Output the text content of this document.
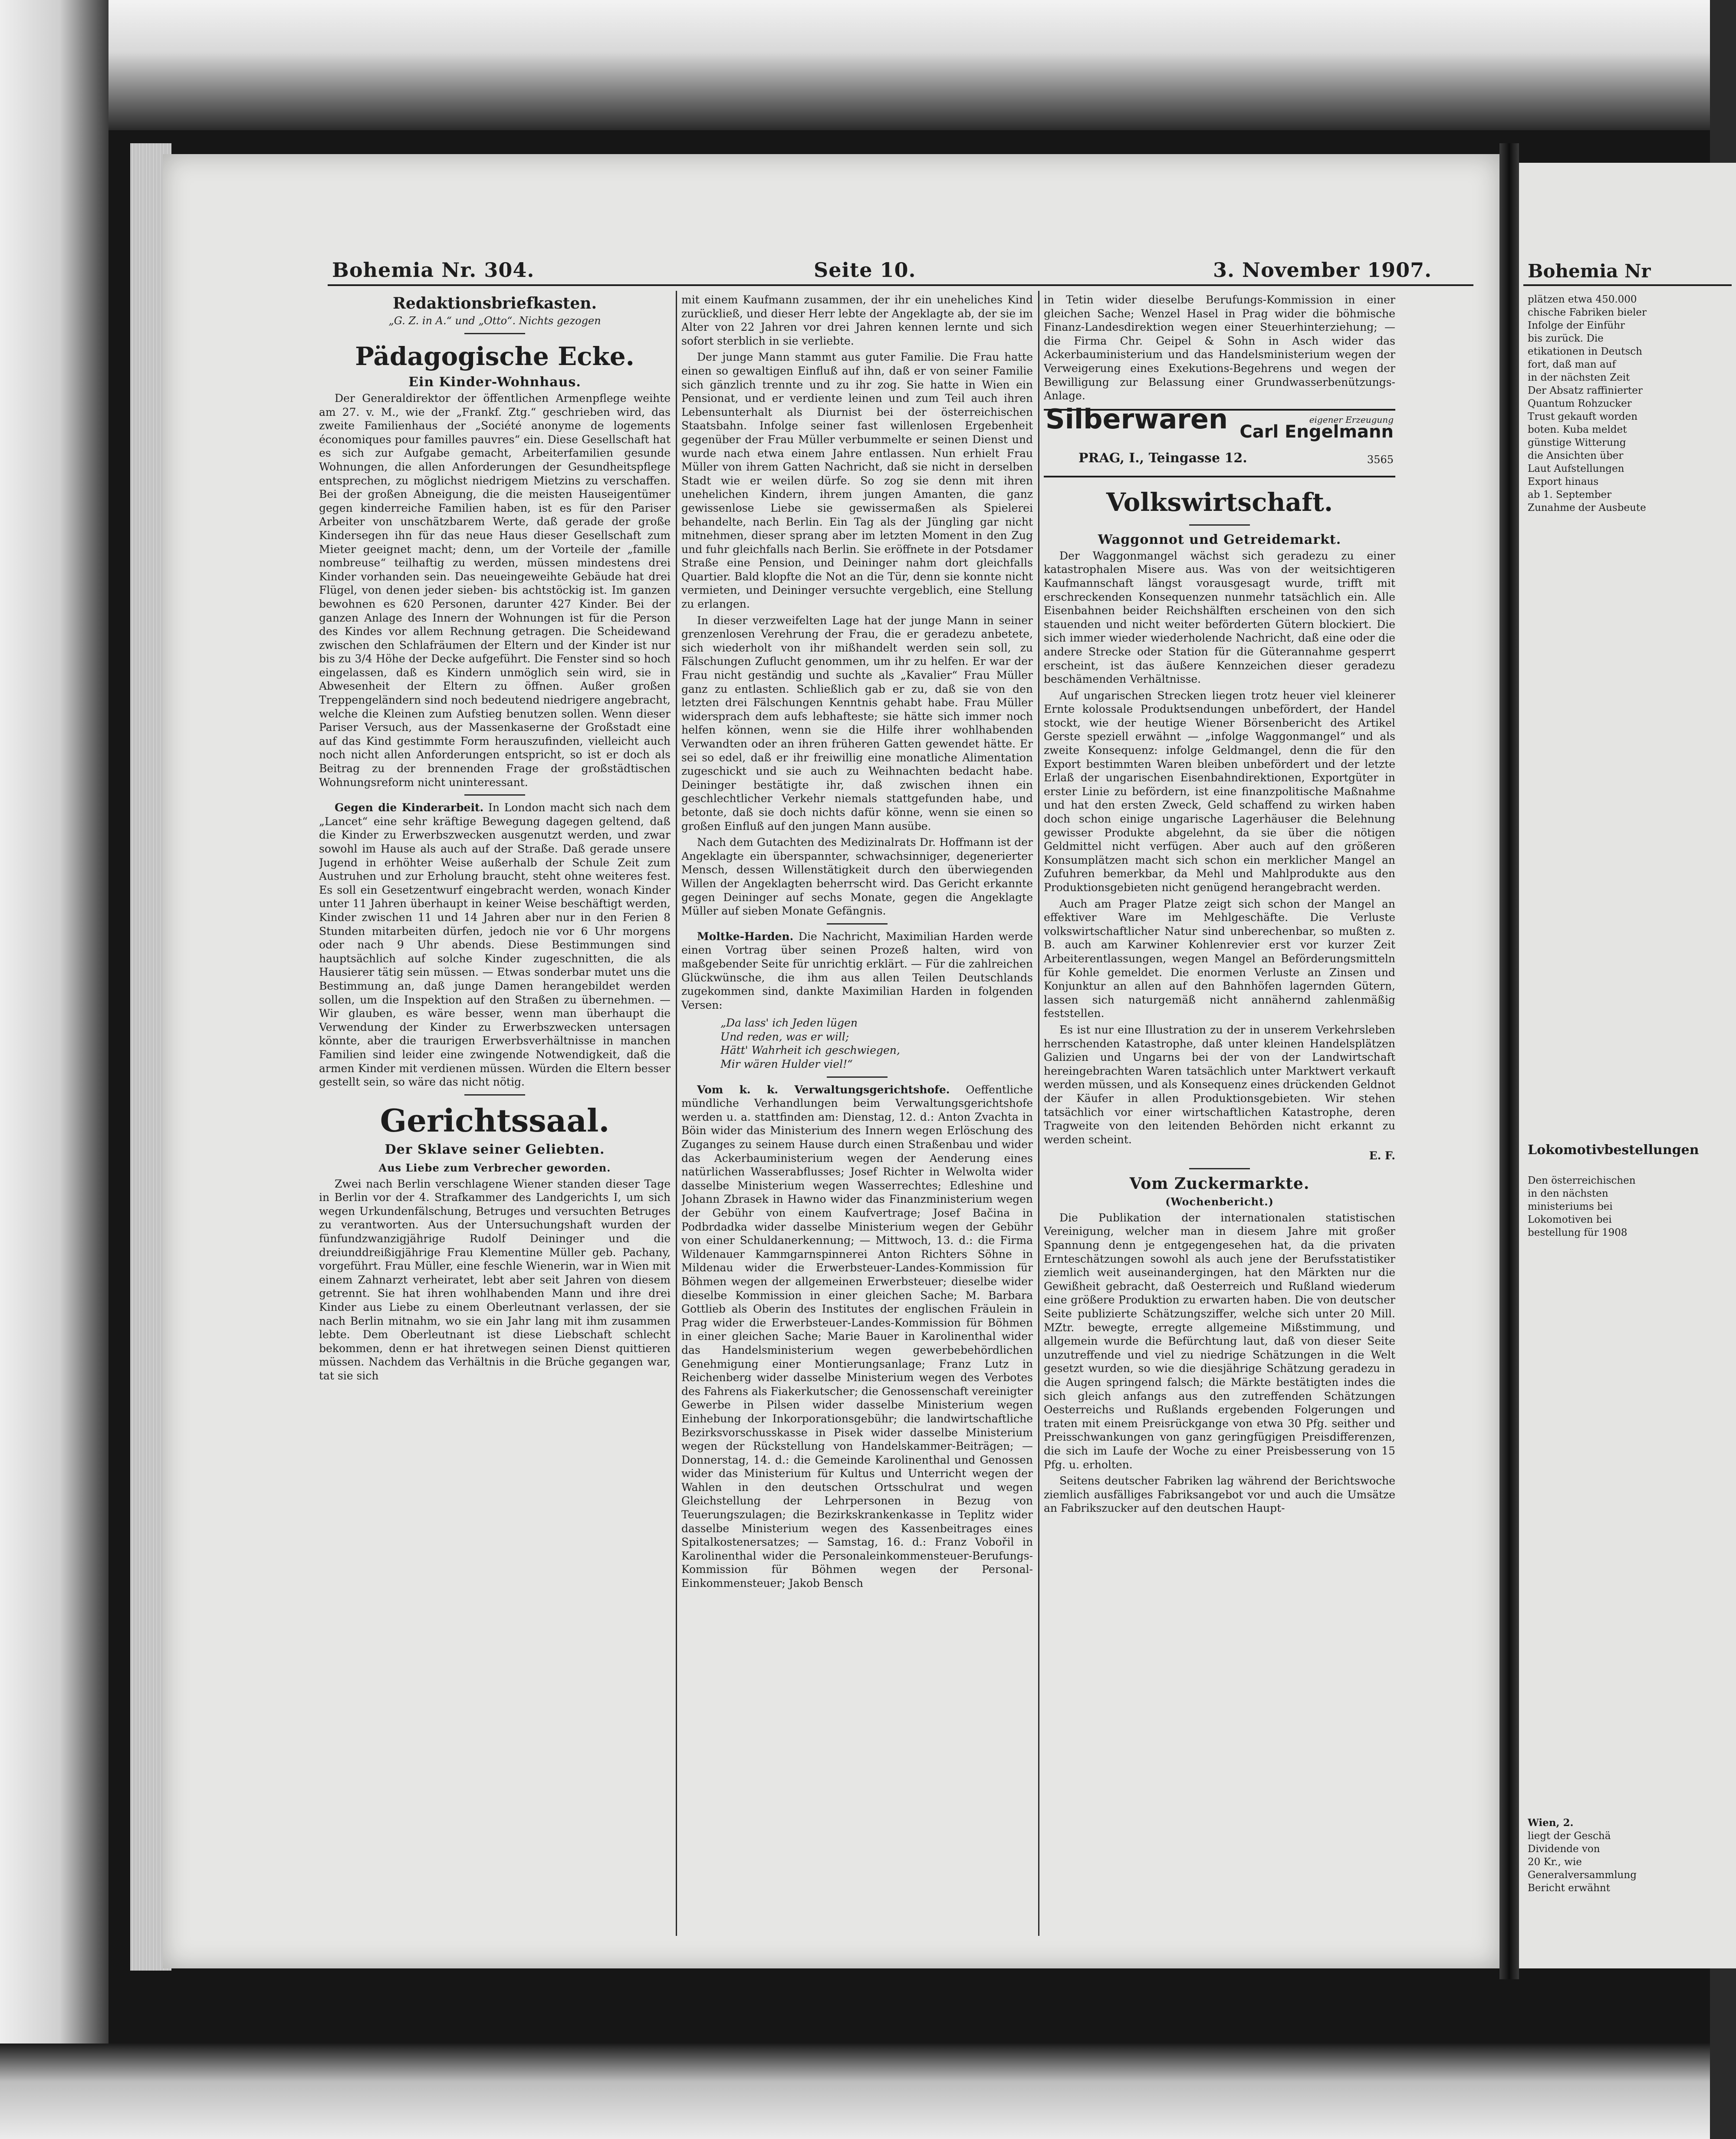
Bohemia Nr. 304.	Seite 10.	3. November 1907.
Redaktionsbriefkasten.
„G. Z. in A.“ und „Otto“. Nichts gezogen
Pädagogische Ecke.
Ein Kinder-Wohnhaus.

Der Generaldirektor der öffentlichen Armenpflege weihte am 27. v. M., wie der „Frankf. Ztg.“ geschrieben wird, das zweite Familienhaus der „Société anonyme de logements économiques pour familles pauvres“ ein. Diese Gesellschaft hat es sich zur Aufgabe gemacht, Arbeiterfamilien gesunde Wohnungen, die allen Anforderungen der Gesundheitspflege entsprechen, zu möglichst niedrigem Mietzins zu verschaffen. Bei der großen Abneigung, die die meisten Hauseigentümer gegen kinderreiche Familien haben, ist es für den Pariser Arbeiter von unschätzbarem Werte, daß gerade der große Kindersegen ihn für das neue Haus dieser Gesellschaft zum Mieter geeignet macht; denn, um der Vorteile der „famille nombreuse“ teilhaftig zu werden, müssen mindestens drei Kinder vorhanden sein. Das neueingeweihte Gebäude hat drei Flügel, von denen jeder sieben- bis achtstöckig ist. Im ganzen bewohnen es 620 Personen, darunter 427 Kinder. Bei der ganzen Anlage des Innern der Wohnungen ist für die Person des Kindes vor allem Rechnung getragen. Die Scheidewand zwischen den Schlafräumen der Eltern und der Kinder ist nur bis zu 3/4 Höhe der Decke aufgeführt. Die Fenster sind so hoch eingelassen, daß es Kindern unmöglich sein wird, sie in Abwesenheit der Eltern zu öffnen. Außer großen Treppengeländern sind noch bedeutend niedrigere angebracht, welche die Kleinen zum Aufstieg benutzen sollen. Wenn dieser Pariser Versuch, aus der Massenkaserne der Großstadt eine auf das Kind gestimmte Form herauszufinden, vielleicht auch noch nicht allen Anforderungen entspricht, so ist er doch als Beitrag zu der brennenden Frage der großstädtischen Wohnungsreform nicht uninteressant.

Gegen die Kinderarbeit. In London macht sich nach dem „Lancet“ eine sehr kräftige Bewegung dagegen geltend, daß die Kinder zu Erwerbszwecken ausgenutzt werden, und zwar sowohl im Hause als auch auf der Straße. Daß gerade unsere Jugend in erhöhter Weise außerhalb der Schule Zeit zum Austruhen und zur Erholung braucht, steht ohne weiteres fest. Es soll ein Gesetzentwurf eingebracht werden, wonach Kinder unter 11 Jahren überhaupt in keiner Weise beschäftigt werden, Kinder zwischen 11 und 14 Jahren aber nur in den Ferien 8 Stunden mitarbeiten dürfen, jedoch nie vor 6 Uhr morgens oder nach 9 Uhr abends. Diese Bestimmungen sind hauptsächlich auf solche Kinder zugeschnitten, die als Hausierer tätig sein müssen. — Etwas sonderbar mutet uns die Bestimmung an, daß junge Damen herangebildet werden sollen, um die Inspektion auf den Straßen zu übernehmen. — Wir glauben, es wäre besser, wenn man überhaupt die Verwendung der Kinder zu Erwerbszwecken untersagen könnte, aber die traurigen Erwerbsverhältnisse in manchen Familien sind leider eine zwingende Notwendigkeit, daß die armen Kinder mit verdienen müssen. Würden die Eltern besser gestellt sein, so wäre das nicht nötig.

Gerichtssaal.
Der Sklave seiner Geliebten.
Aus Liebe zum Verbrecher geworden.

Zwei nach Berlin verschlagene Wiener standen dieser Tage in Berlin vor der 4. Strafkammer des Landgerichts I, um sich wegen Urkundenfälschung, Betruges und versuchten Betruges zu verantworten. Aus der Untersuchungshaft wurden der fünfundzwanzigjährige Rudolf Deininger und die dreiunddreißigjährige Frau Klementine Müller geb. Pachany, vorgeführt. Frau Müller, eine feschle Wienerin, war in Wien mit einem Zahnarzt verheiratet, lebt aber seit Jahren von diesem getrennt. Sie hat ihren wohlhabenden Mann und ihre drei Kinder aus Liebe zu einem Oberleutnant verlassen, der sie nach Berlin mitnahm, wo sie ein Jahr lang mit ihm zusammen lebte. Dem Oberleutnant ist diese Liebschaft schlecht bekommen, denn er hat ihretwegen seinen Dienst quittieren müssen. Nachdem das Verhältnis in die Brüche gegangen war, tat sie sich

mit einem Kaufmann zusammen, der ihr ein uneheliches Kind zurückließ, und dieser Herr lebte der Angeklagte ab, der sie im Alter von 22 Jahren vor drei Jahren kennen lernte und sich sofort sterblich in sie verliebte.

Der junge Mann stammt aus guter Familie. Die Frau hatte einen so gewaltigen Einfluß auf ihn, daß er von seiner Familie sich gänzlich trennte und zu ihr zog. Sie hatte in Wien ein Pensionat, und er verdiente leinen und zum Teil auch ihren Lebensunterhalt als Diurnist bei der österreichischen Staatsbahn. Infolge seiner fast willenlosen Ergebenheit gegenüber der Frau Müller verbummelte er seinen Dienst und wurde nach etwa einem Jahre entlassen. Nun erhielt Frau Müller von ihrem Gatten Nachricht, daß sie nicht in derselben Stadt wie er weilen dürfe. So zog sie denn mit ihren unehelichen Kindern, ihrem jungen Amanten, die ganz gewissenlose Liebe sie gewissermaßen als Spielerei behandelte, nach Berlin. Ein Tag als der Jüngling gar nicht mitnehmen, dieser sprang aber im letzten Moment in den Zug und fuhr gleichfalls nach Berlin. Sie eröffnete in der Potsdamer Straße eine Pension, und Deininger nahm dort gleichfalls Quartier. Bald klopfte die Not an die Tür, denn sie konnte nicht vermieten, und Deininger versuchte vergeblich, eine Stellung zu erlangen.

In dieser verzweifelten Lage hat der junge Mann in seiner grenzenlosen Verehrung der Frau, die er geradezu anbetete, sich wiederholt von ihr mißhandelt werden sein soll, zu Fälschungen Zuflucht genommen, um ihr zu helfen. Er war der Frau nicht geständig und suchte als „Kavalier“ Frau Müller ganz zu entlasten. Schließlich gab er zu, daß sie von den letzten drei Fälschungen Kenntnis gehabt habe. Frau Müller widersprach dem aufs lebhafteste; sie hätte sich immer noch helfen können, wenn sie die Hilfe ihrer wohlhabenden Verwandten oder an ihren früheren Gatten gewendet hätte. Er sei so edel, daß er ihr freiwillig eine monatliche Alimentation zugeschickt und sie auch zu Weihnachten bedacht habe. Deininger bestätigte ihr, daß zwischen ihnen ein geschlechtlicher Verkehr niemals stattgefunden habe, und betonte, daß sie doch nichts dafür könne, wenn sie einen so großen Einfluß auf den jungen Mann ausübe.

Nach dem Gutachten des Medizinalrats Dr. Hoffmann ist der Angeklagte ein überspannter, schwachsinniger, degenerierter Mensch, dessen Willenstätigkeit durch den überwiegenden Willen der Angeklagten beherrscht wird. Das Gericht erkannte gegen Deininger auf sechs Monate, gegen die Angeklagte Müller auf sieben Monate Gefängnis.

Moltke-Harden. Die Nachricht, Maximilian Harden werde einen Vortrag über seinen Prozeß halten, wird von maßgebender Seite für unrichtig erklärt. — Für die zahlreichen Glückwünsche, die ihm aus allen Teilen Deutschlands zugekommen sind, dankte Maximilian Harden in folgenden Versen:

„Da lass' ich Jeden lügen
Und reden, was er will;
Hätt' Wahrheit ich geschwiegen,
Mir wären Hulder viel!“

Vom k. k. Verwaltungsgerichtshofe. Oeffentliche mündliche Verhandlungen beim Verwaltungsgerichtshofe werden u. a. stattfinden am: Dienstag, 12. d.: Anton Zvachta in Böin wider das Ministerium des Innern wegen Erlöschung des Zuganges zu seinem Hause durch einen Straßenbau und wider das Ackerbauministerium wegen der Aenderung eines natürlichen Wasserabflusses; Josef Richter in Welwolta wider dasselbe Ministerium wegen Wasserrechtes; Edleshine und Johann Zbrasek in Hawno wider das Finanzministerium wegen der Gebühr von einem Kaufvertrage; Josef Bačina in Podbrdadka wider dasselbe Ministerium wegen der Gebühr von einer Schuldanerkennung; — Mittwoch, 13. d.: die Firma Wildenauer Kammgarnspinnerei Anton Richters Söhne in Mildenau wider die Erwerbsteuer-Landes-Kommission für Böhmen wegen der allgemeinen Erwerbsteuer; dieselbe wider dieselbe Kommission in einer gleichen Sache; M. Barbara Gottlieb als Oberin des Institutes der englischen Fräulein in Prag wider die Erwerbsteuer-Landes-Kommission für Böhmen in einer gleichen Sache; Marie Bauer in Karolinenthal wider das Handelsministerium wegen gewerbebehördlichen Genehmigung einer Montierungsanlage; Franz Lutz in Reichenberg wider dasselbe Ministerium wegen des Verbotes des Fahrens als Fiakerkutscher; die Genossenschaft vereinigter Gewerbe in Pilsen wider dasselbe Ministerium wegen Einhebung der Inkorporationsgebühr; die landwirtschaftliche Bezirksvorschusskasse in Pisek wider dasselbe Ministerium wegen der Rückstellung von Handelskammer-Beiträgen; — Donnerstag, 14. d.: die Gemeinde Karolinenthal und Genossen wider das Ministerium für Kultus und Unterricht wegen der Wahlen in den deutschen Ortsschulrat und wegen Gleichstellung der Lehrpersonen in Bezug von Teuerungszulagen; die Bezirkskrankenkasse in Teplitz wider dasselbe Ministerium wegen des Kassenbeitrages eines Spitalkostenersatzes; — Samstag, 16. d.: Franz Vobořil in Karolinenthal wider die Personaleinkommensteuer-Berufungs-Kommission für Böhmen wegen der Personal-Einkommensteuer; Jakob Bensch

in Tetin wider dieselbe Berufungs-Kommission in einer gleichen Sache; Wenzel Hasel in Prag wider die böhmische Finanz-Landesdirektion wegen einer Steuerhinterziehung; — die Firma Chr. Geipel & Sohn in Asch wider das Ackerbauministerium und das Handelsministerium wegen der Verweigerung eines Exekutions-Begehrens und wegen der Bewilligung zur Belassung einer Grundwasserbenützungs-Anlage.

Silberwaren	eigener Erzeugung
Carl Engelmann
PRAG, I., Teingasse 12.	3565
Volkswirtschaft.
Waggonnot und Getreidemarkt.

Der Waggonmangel wächst sich geradezu zu einer katastrophalen Misere aus. Was von der weitsichtigeren Kaufmannschaft längst vorausgesagt wurde, trifft mit erschreckenden Konsequenzen nunmehr tatsächlich ein. Alle Eisenbahnen beider Reichshälften erscheinen von den sich stauenden und nicht weiter beförderten Gütern blockiert. Die sich immer wieder wiederholende Nachricht, daß eine oder die andere Strecke oder Station für die Güterannahme gesperrt erscheint, ist das äußere Kennzeichen dieser geradezu beschämenden Verhältnisse.

Auf ungarischen Strecken liegen trotz heuer viel kleinerer Ernte kolossale Produktsendungen unbefördert, der Handel stockt, wie der heutige Wiener Börsenbericht des Artikel Gerste speziell erwähnt — „infolge Waggonmangel“ und als zweite Konsequenz: infolge Geldmangel, denn die für den Export bestimmten Waren bleiben unbefördert und der letzte Erlaß der ungarischen Eisenbahndirektionen, Exportgüter in erster Linie zu befördern, ist eine finanzpolitische Maßnahme und hat den ersten Zweck, Geld schaffend zu wirken haben doch schon einige ungarische Lagerhäuser die Belehnung gewisser Produkte abgelehnt, da sie über die nötigen Geldmittel nicht verfügen. Aber auch auf den größeren Konsumplätzen macht sich schon ein merklicher Mangel an Zufuhren bemerkbar, da Mehl und Mahlprodukte aus den Produktionsgebieten nicht genügend herangebracht werden.

Auch am Prager Platze zeigt sich schon der Mangel an effektiver Ware im Mehlgeschäfte. Die Verluste volkswirtschaftlicher Natur sind unberechenbar, so mußten z. B. auch am Karwiner Kohlenrevier erst vor kurzer Zeit Arbeiterentlassungen, wegen Mangel an Beförderungsmitteln für Kohle gemeldet. Die enormen Verluste an Zinsen und Konjunktur an allen auf den Bahnhöfen lagernden Gütern, lassen sich naturgemäß nicht annähernd zahlenmäßig feststellen.

Es ist nur eine Illustration zu der in unserem Verkehrsleben herrschenden Katastrophe, daß unter kleinen Handelsplätzen Galizien und Ungarns bei der von der Landwirtschaft hereingebrachten Waren tatsächlich unter Marktwert verkauft werden müssen, und als Konsequenz eines drückenden Geldnot der Käufer in allen Produktionsgebieten. Wir stehen tatsächlich vor einer wirtschaftlichen Katastrophe, deren Tragweite von den leitenden Behörden nicht erkannt zu werden scheint.

E. F.
Vom Zuckermarkte.
(Wochenbericht.)

Die Publikation der internationalen statistischen Vereinigung, welcher man in diesem Jahre mit großer Spannung denn je entgegengesehen hat, da die privaten Ernteschätzungen sowohl als auch jene der Berufsstatistiker ziemlich weit auseinandergingen, hat den Märkten nur die Gewißheit gebracht, daß Oesterreich und Rußland wiederum eine größere Produktion zu erwarten haben. Die von deutscher Seite publizierte Schätzungsziffer, welche sich unter 20 Mill. MZtr. bewegte, erregte allgemeine Mißstimmung, und allgemein wurde die Befürchtung laut, daß von dieser Seite unzutreffende und viel zu niedrige Schätzungen in die Welt gesetzt wurden, so wie die diesjährige Schätzung geradezu in die Augen springend falsch; die Märkte bestätigten indes die sich gleich anfangs aus den zutreffenden Schätzungen Oesterreichs und Rußlands ergebenden Folgerungen und traten mit einem Preisrückgange von etwa 30 Pfg. seither und Preisschwankungen von ganz geringfügigen Preisdifferenzen, die sich im Laufe der Woche zu einer Preisbesserung von 15 Pfg. u. erholten.

Seitens deutscher Fabriken lag während der Berichtswoche ziemlich ausfälliges Fabriksangebot vor und auch die Umsätze an Fabrikszucker auf den deutschen Haupt-

Bohemia Nr
plätzen etwa 450.000
chische Fabriken bieler
Infolge der Einführ
bis zurück. Die
etikationen in Deutsch
fort, daß man auf
in der nächsten Zeit
Der Absatz raffinierter
Quantum Rohzucker
Trust gekauft worden
boten. Kuba meldet
günstige Witterung
die Ansichten über
Laut Aufstellungen
Export hinaus
ab 1. September
Zunahme der Ausbeute
Lokomotivbestellungen
Den österreichischen
in den nächsten
ministeriums bei
Lokomotiven bei
bestellung für 1908
Wien, 2.
liegt der Geschä
Dividende von
20 Kr., wie
Generalversammlung
Bericht erwähnt
